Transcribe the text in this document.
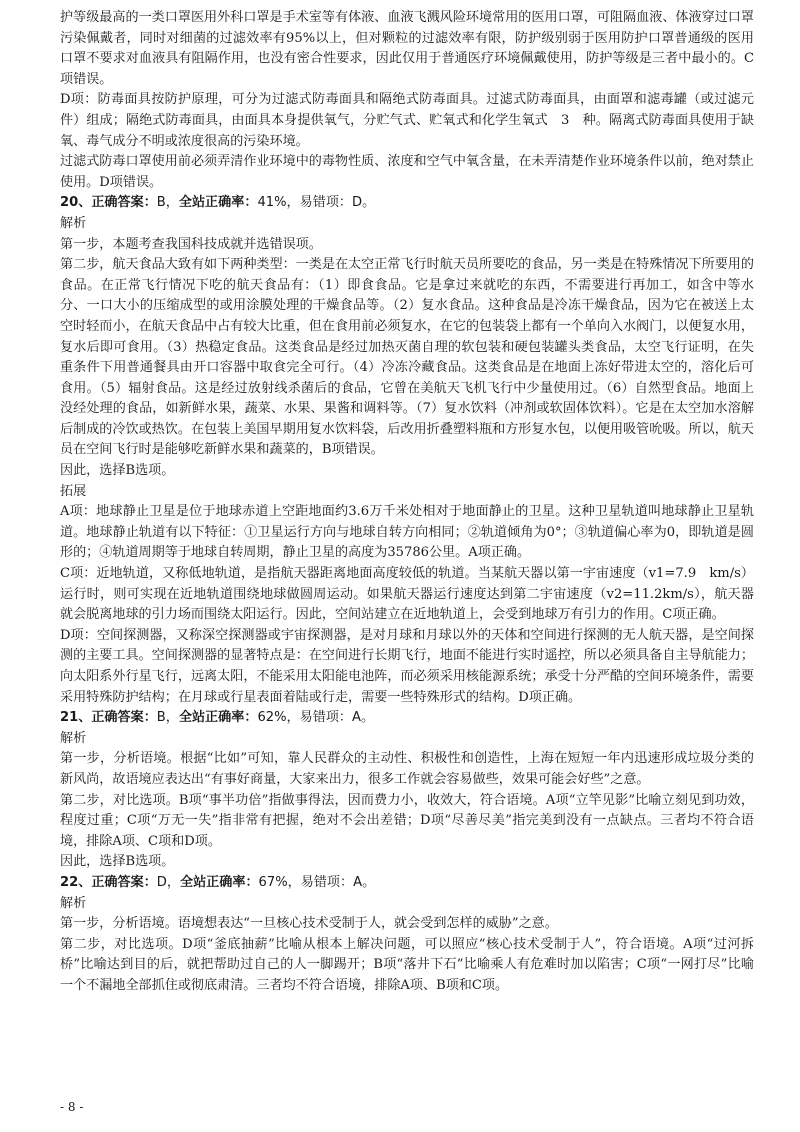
护等级最高的一类口罩医用外科口罩是手术室等有体液、血液飞溅风险环境常用的医用口罩，可阻隔血液、体液穿过口罩污染佩戴者，同时对细菌的过滤效率有95%以上，但对颗粒的过滤效率有限，防护级别弱于医用防护口罩普通级的医用口罩不要求对血液具有阻隔作用，也没有密合性要求，因此仅用于普通医疗环境佩戴使用，防护等级是三者中最小的。C项错误。

D项：防毒面具按防护原理，可分为过滤式防毒面具和隔绝式防毒面具。过滤式防毒面具，由面罩和滤毒罐（或过滤元件）组成；隔绝式防毒面具，由面具本身提供氧气，分贮气式、贮氧式和化学生氧式　3　种。隔离式防毒面具使用于缺氧、毒气成分不明或浓度很高的污染环境。

过滤式防毒口罩使用前必须弄清作业环境中的毒物性质、浓度和空气中氧含量，在未弄清楚作业环境条件以前，绝对禁止使用。D项错误。

20、正确答案：B，全站正确率：41%，易错项：D。

解析

第一步，本题考查我国科技成就并选错误项。

第二步，航天食品大致有如下两种类型：一类是在太空正常飞行时航天员所要吃的食品，另一类是在特殊情况下所要用的食品。在正常飞行情况下吃的航天食品有：（1）即食食品。它是拿过来就吃的东西，不需要进行再加工，如含中等水分、一口大小的压缩成型的或用涂膜处理的干燥食品等。（2）复水食品。这种食品是冷冻干燥食品，因为它在被送上太空时轻而小，在航天食品中占有较大比重，但在食用前必须复水，在它的包装袋上都有一个单向入水阀门，以便复水用，复水后即可食用。（3）热稳定食品。这类食品是经过加热灭菌自理的软包装和硬包装罐头类食品，太空飞行证明，在失重条件下用普通餐具由开口容器中取食完全可行。（4）冷冻冷藏食品。这类食品是在地面上冻好带进太空的，溶化后可食用。（5）辐射食品。这是经过放射线杀菌后的食品，它曾在美航天飞机飞行中少量使用过。（6）自然型食品。地面上没经处理的食品，如新鲜水果，蔬菜、水果、果酱和调料等。（7）复水饮料（冲剂或软固体饮料）。它是在太空加水溶解后制成的冷饮或热饮。在包装上美国早期用复水饮料袋，后改用折叠塑料瓶和方形复水包，以便用吸管吮吸。所以，航天员在空间飞行时是能够吃新鲜水果和蔬菜的，B项错误。

因此，选择B选项。

拓展

A项：地球静止卫星是位于地球赤道上空距地面约3.6万千米处相对于地面静止的卫星。这种卫星轨道叫地球静止卫星轨道。地球静止轨道有以下特征：①卫星运行方向与地球自转方向相同；②轨道倾角为0°；③轨道偏心率为0，即轨道是圆形的；④轨道周期等于地球自转周期，静止卫星的高度为35786公里。A项正确。

C项：近地轨道，又称低地轨道，是指航天器距离地面高度较低的轨道。当某航天器以第一宇宙速度（v1=7.9　km/s）运行时，则可实现在近地轨道围绕地球做圆周运动。如果航天器运行速度达到第二宇宙速度（v2=11.2km/s），航天器就会脱离地球的引力场而围绕太阳运行。因此，空间站建立在近地轨道上，会受到地球万有引力的作用。C项正确。

D项：空间探测器，又称深空探测器或宇宙探测器，是对月球和月球以外的天体和空间进行探测的无人航天器，是空间探测的主要工具。空间探测器的显著特点是：在空间进行长期飞行，地面不能进行实时遥控，所以必须具备自主导航能力；向太阳系外行星飞行，远离太阳，不能采用太阳能电池阵，而必须采用核能源系统；承受十分严酷的空间环境条件，需要采用特殊防护结构；在月球或行星表面着陆或行走，需要一些特殊形式的结构。D项正确。

21、正确答案：B，全站正确率：62%，易错项：A。

解析

第一步，分析语境。根据“比如”可知，靠人民群众的主动性、积极性和创造性，上海在短短一年内迅速形成垃圾分类的新风尚，故语境应表达出“有事好商量，大家来出力，很多工作就会容易做些，效果可能会好些”之意。

第二步，对比选项。B项“事半功倍”指做事得法，因而费力小，收效大，符合语境。A项“立竿见影”比喻立刻见到功效，程度过重；C项“万无一失”指非常有把握，绝对不会出差错；D项“尽善尽美”指完美到没有一点缺点。三者均不符合语境，排除A项、C项和D项。

因此，选择B选项。

22、正确答案：D，全站正确率：67%，易错项：A。

解析

第一步，分析语境。语境想表达“一旦核心技术受制于人，就会受到怎样的威胁”之意。

第二步，对比选项。D项“釜底抽薪”比喻从根本上解决问题，可以照应“核心技术受制于人”，符合语境。A项“过河拆桥”比喻达到目的后，就把帮助过自己的人一脚踢开；B项“落井下石”比喻乘人有危难时加以陷害；C项“一网打尽”比喻一个不漏地全部抓住或彻底肃清。三者均不符合语境，排除A项、B项和C项。

- 8 -
